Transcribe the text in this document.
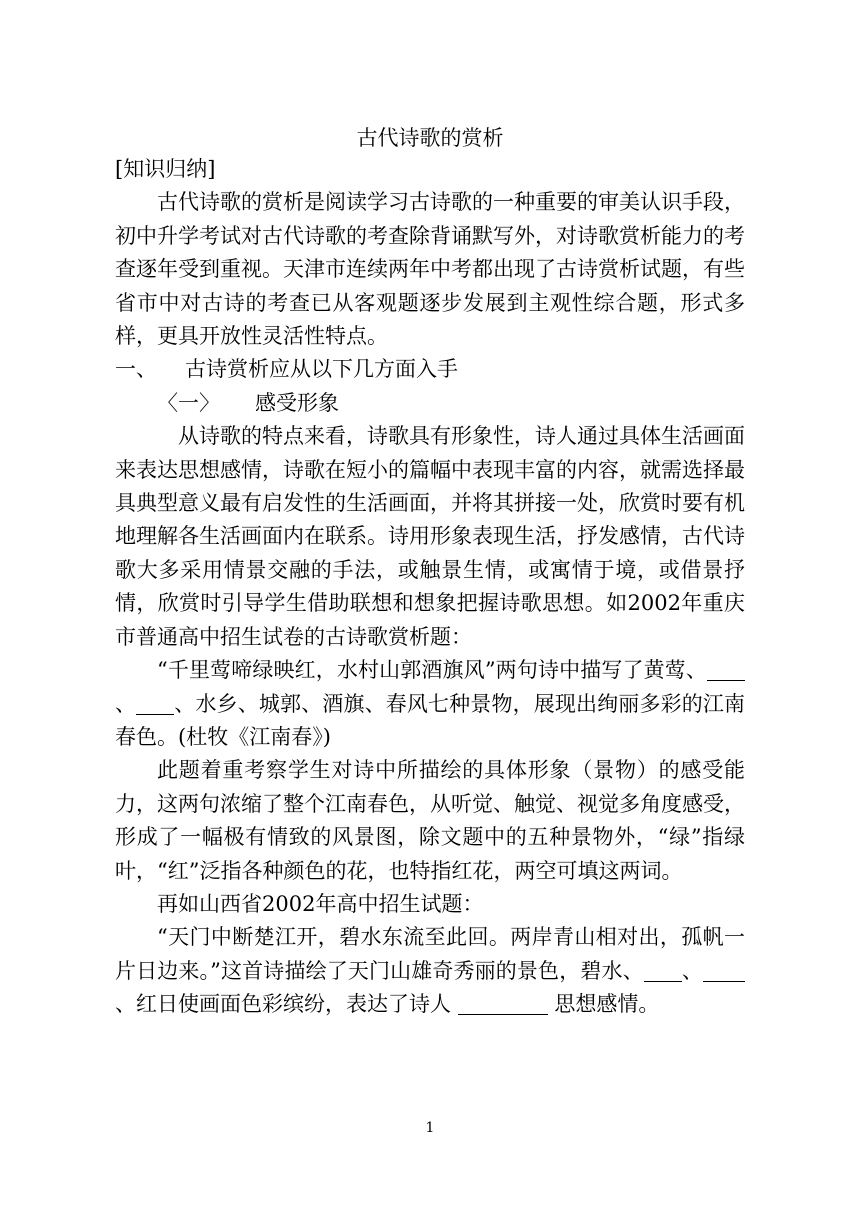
古代诗歌的赏析

[知识归纳]

古代诗歌的赏析是阅读学习古诗歌的一种重要的审美认识手段，初中升学考试对古代诗歌的考查除背诵默写外，对诗歌赏析能力的考查逐年受到重视。天津市连续两年中考都出现了古诗赏析试题，有些省市中对古诗的考查已从客观题逐步发展到主观性综合题，形式多样，更具开放性灵活性特点。

一、 古诗赏析应从以下几方面入手

〈一〉 感受形象

从诗歌的特点来看，诗歌具有形象性，诗人通过具体生活画面来表达思想感情，诗歌在短小的篇幅中表现丰富的内容，就需选择最具典型意义最有启发性的生活画面，并将其拼接一处，欣赏时要有机地理解各生活画面内在联系。诗用形象表现生活，抒发感情，古代诗歌大多采用情景交融的手法，或触景生情，或寓情于境，或借景抒情，欣赏时引导学生借助联想和想象把握诗歌思想。如2002年重庆市普通高中招生试卷的古诗歌赏析题：

“千里莺啼绿映红，水村山郭酒旗风”两句诗中描写了黄莺、、 、水乡、城郭、酒旗、春风七种景物，展现出绚丽多彩的江南春色。(杜牧《江南春》)

此题着重考察学生对诗中所描绘的具体形象（景物）的感受能力，这两句浓缩了整个江南春色，从听觉、触觉、视觉多角度感受，形成了一幅极有情致的风景图，除文题中的五种景物外，“绿”指绿叶，“红”泛指各种颜色的花，也特指红花，两空可填这两词。

再如山西省2002年高中招生试题：

“天门中断楚江开，碧水东流至此回。两岸青山相对出，孤帆一片日边来。”这首诗描绘了天门山雄奇秀丽的景色，碧水、 、、红日使画面色彩缤纷，表达了诗人	思想感情。

1
